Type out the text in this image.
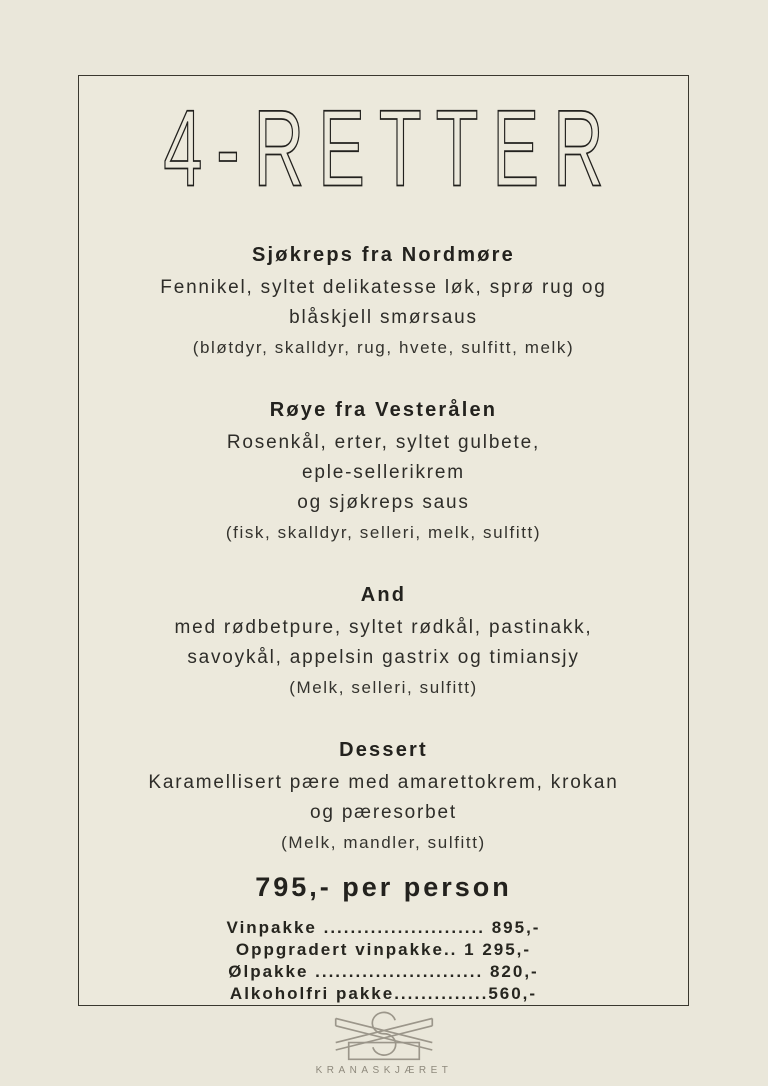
4-RETTER
Sjøkreps fra Nordmøre

Fennikel, syltet delikatesse løk, sprø rug og

blåskjell smørsaus

(bløtdyr, skalldyr, rug, hvete, sulfitt, melk)

Røye fra Vesterålen

Rosenkål, erter, syltet gulbete,

eple-sellerikrem

og sjøkreps saus

(fisk, skalldyr, selleri, melk, sulfitt)

And

med rødbetpure, syltet rødkål, pastinakk,

savoykål, appelsin gastrix og timiansjy

(Melk, selleri, sulfitt)

Dessert

Karamellisert pære med amarettokrem, krokan

og pæresorbet

(Melk, mandler, sulfitt)

795,- per person
Vinpakke ........................ 895,-
Oppgradert vinpakke.. 1 295,-
Ølpakke ......................... 820,-
Alkoholfri pakke..............560,-
KRANASKJÆRET
